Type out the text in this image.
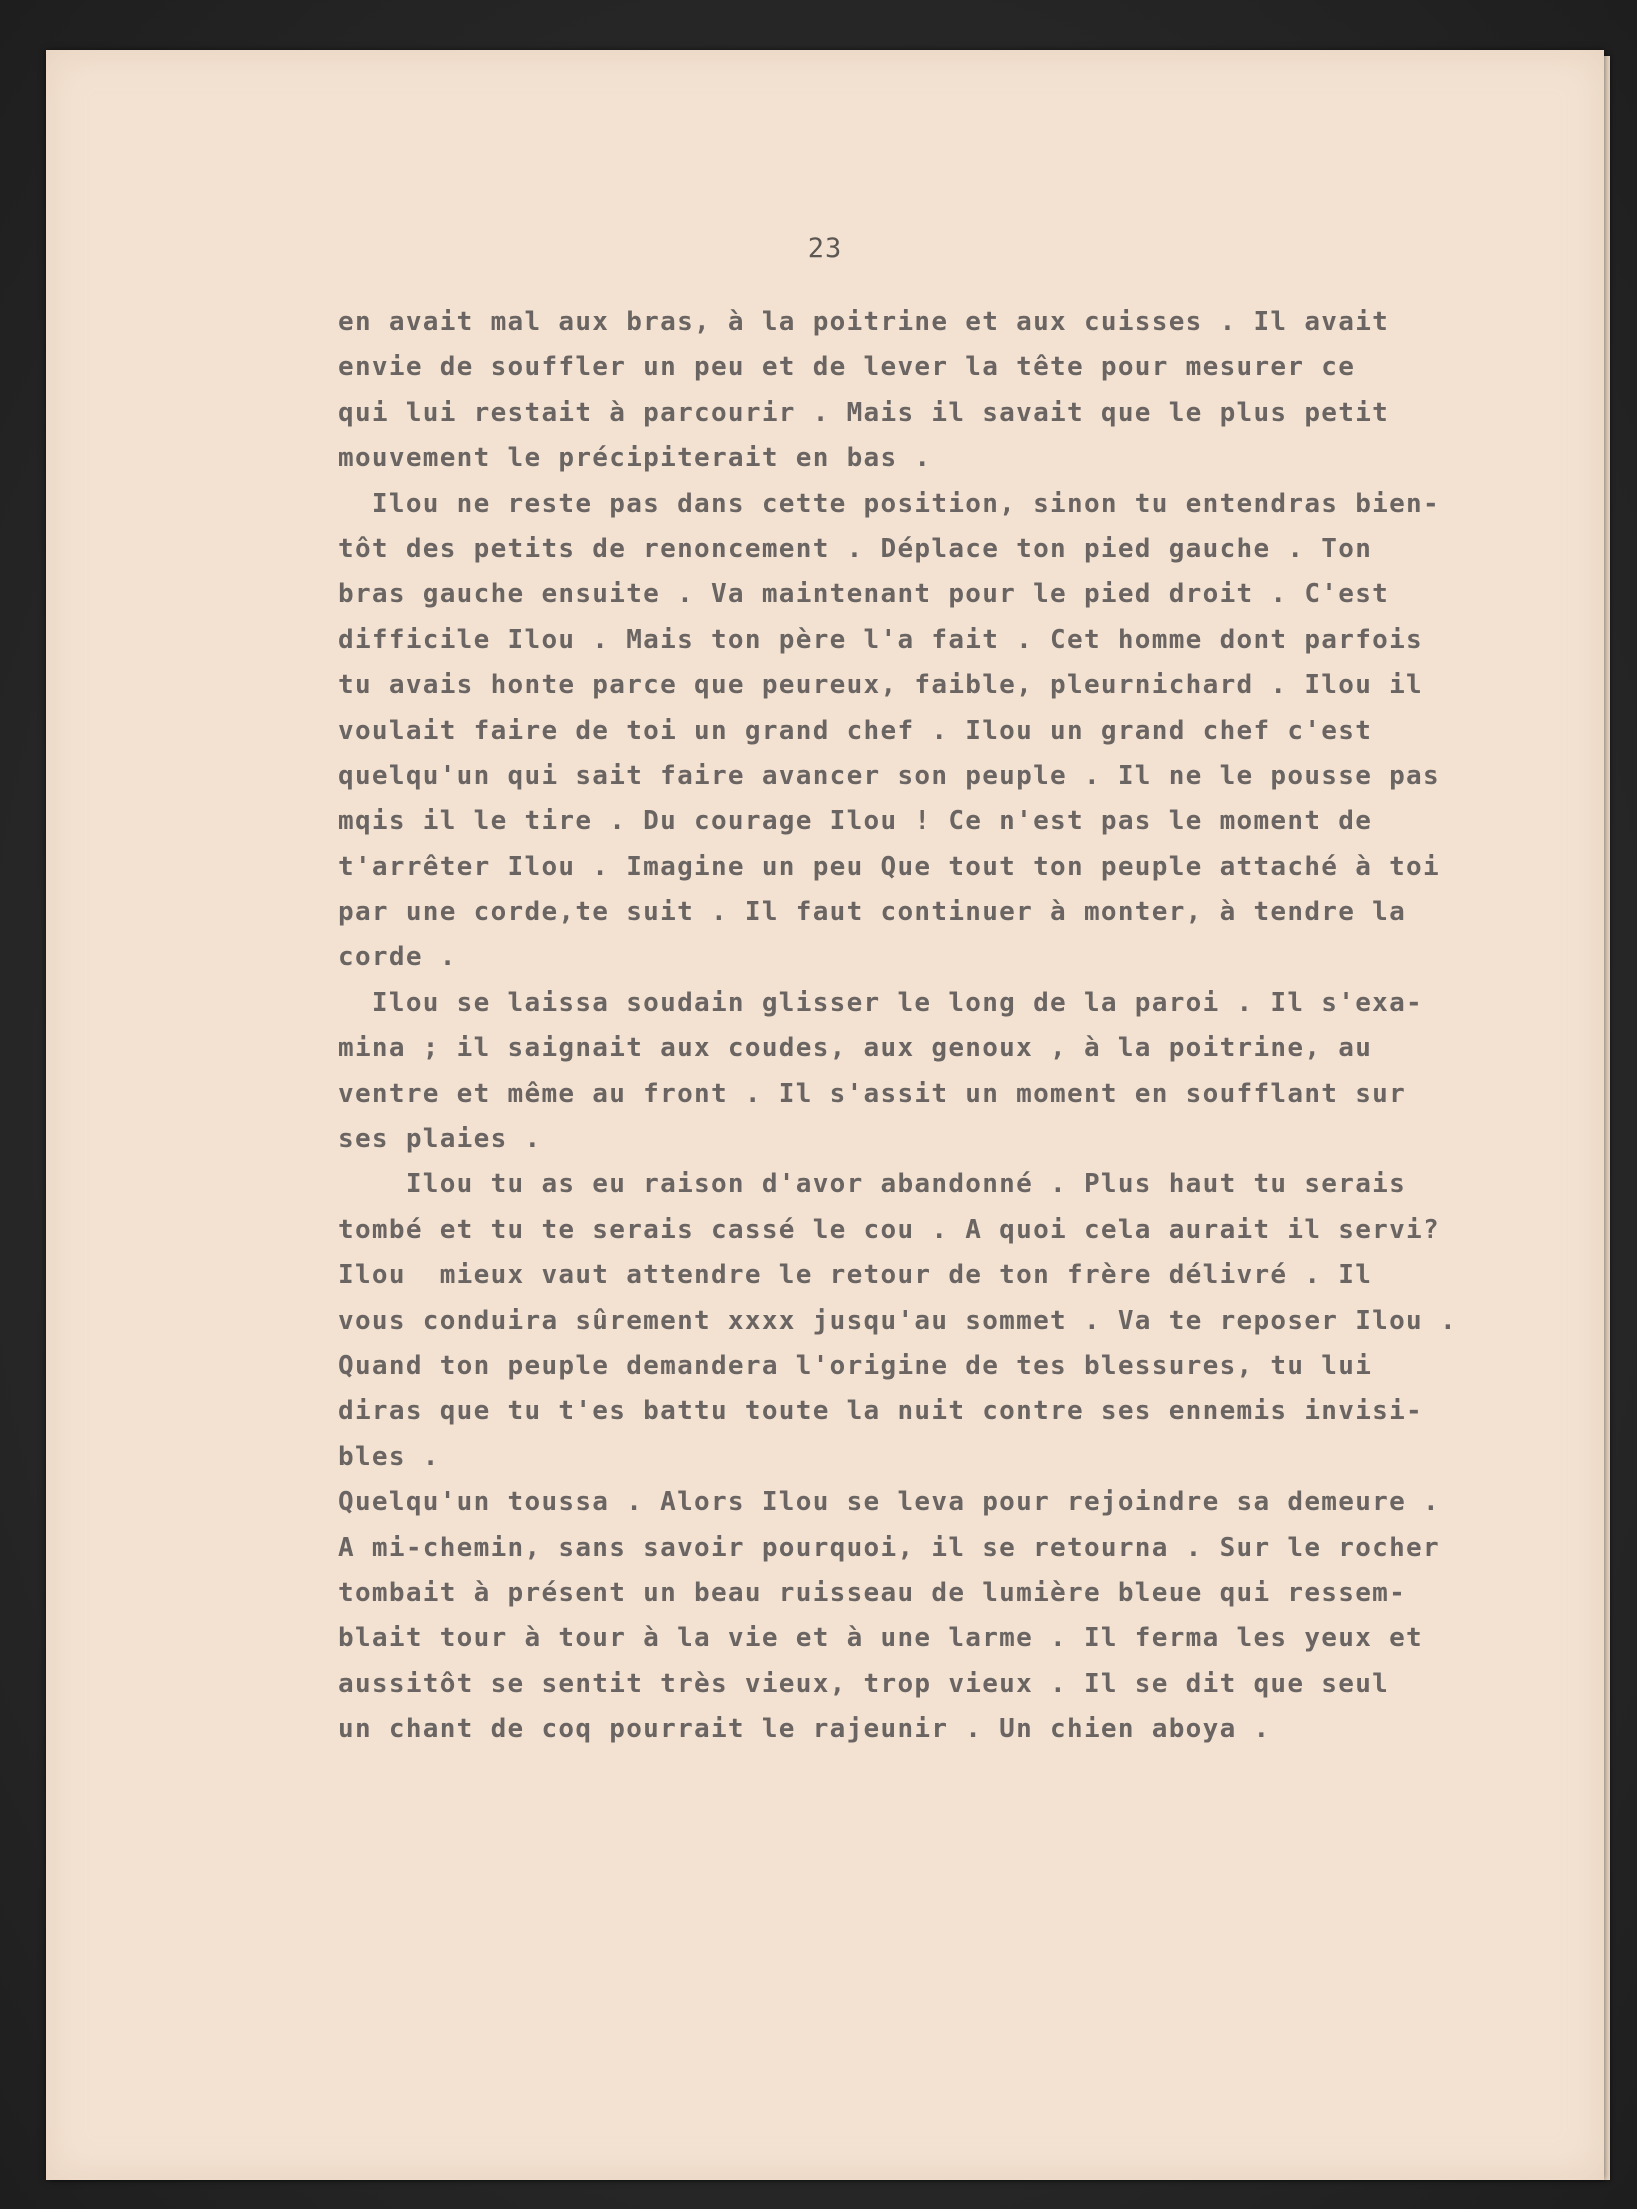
23
en avait mal aux bras, à la poitrine et aux cuisses . Il avait
envie de souffler un peu et de lever la tête pour mesurer ce
qui lui restait à parcourir . Mais il savait que le plus petit
mouvement le précipiterait en bas .
Ilou ne reste pas dans cette position, sinon tu entendras bien-
tôt des petits de renoncement . Déplace ton pied gauche . Ton
bras gauche ensuite . Va maintenant pour le pied droit . C'est
difficile Ilou . Mais ton père l'a fait . Cet homme dont parfois
tu avais honte parce que peureux, faible, pleurnichard . Ilou il
voulait faire de toi un grand chef . Ilou un grand chef c'est
quelqu'un qui sait faire avancer son peuple . Il ne le pousse pas
mqis il le tire . Du courage Ilou ! Ce n'est pas le moment de
t'arrêter Ilou . Imagine un peu Que tout ton peuple attaché à toi
par une corde,te suit . Il faut continuer à monter, à tendre la
corde .
Ilou se laissa soudain glisser le long de la paroi . Il s'exa-
mina ; il saignait aux coudes, aux genoux , à la poitrine, au
ventre et même au front . Il s'assit un moment en soufflant sur
ses plaies .
Ilou tu as eu raison d'avor abandonné . Plus haut tu serais
tombé et tu te serais cassé le cou . A quoi cela aurait il servi?
Ilou  mieux vaut attendre le retour de ton frère délivré . Il
vous conduira sûrement xxxx jusqu'au sommet . Va te reposer Ilou .
Quand ton peuple demandera l'origine de tes blessures, tu lui
diras que tu t'es battu toute la nuit contre ses ennemis invisi-
bles .
Quelqu'un toussa . Alors Ilou se leva pour rejoindre sa demeure .
A mi-chemin, sans savoir pourquoi, il se retourna . Sur le rocher
tombait à présent un beau ruisseau de lumière bleue qui ressem-
blait tour à tour à la vie et à une larme . Il ferma les yeux et
aussitôt se sentit très vieux, trop vieux . Il se dit que seul
un chant de coq pourrait le rajeunir . Un chien aboya .
